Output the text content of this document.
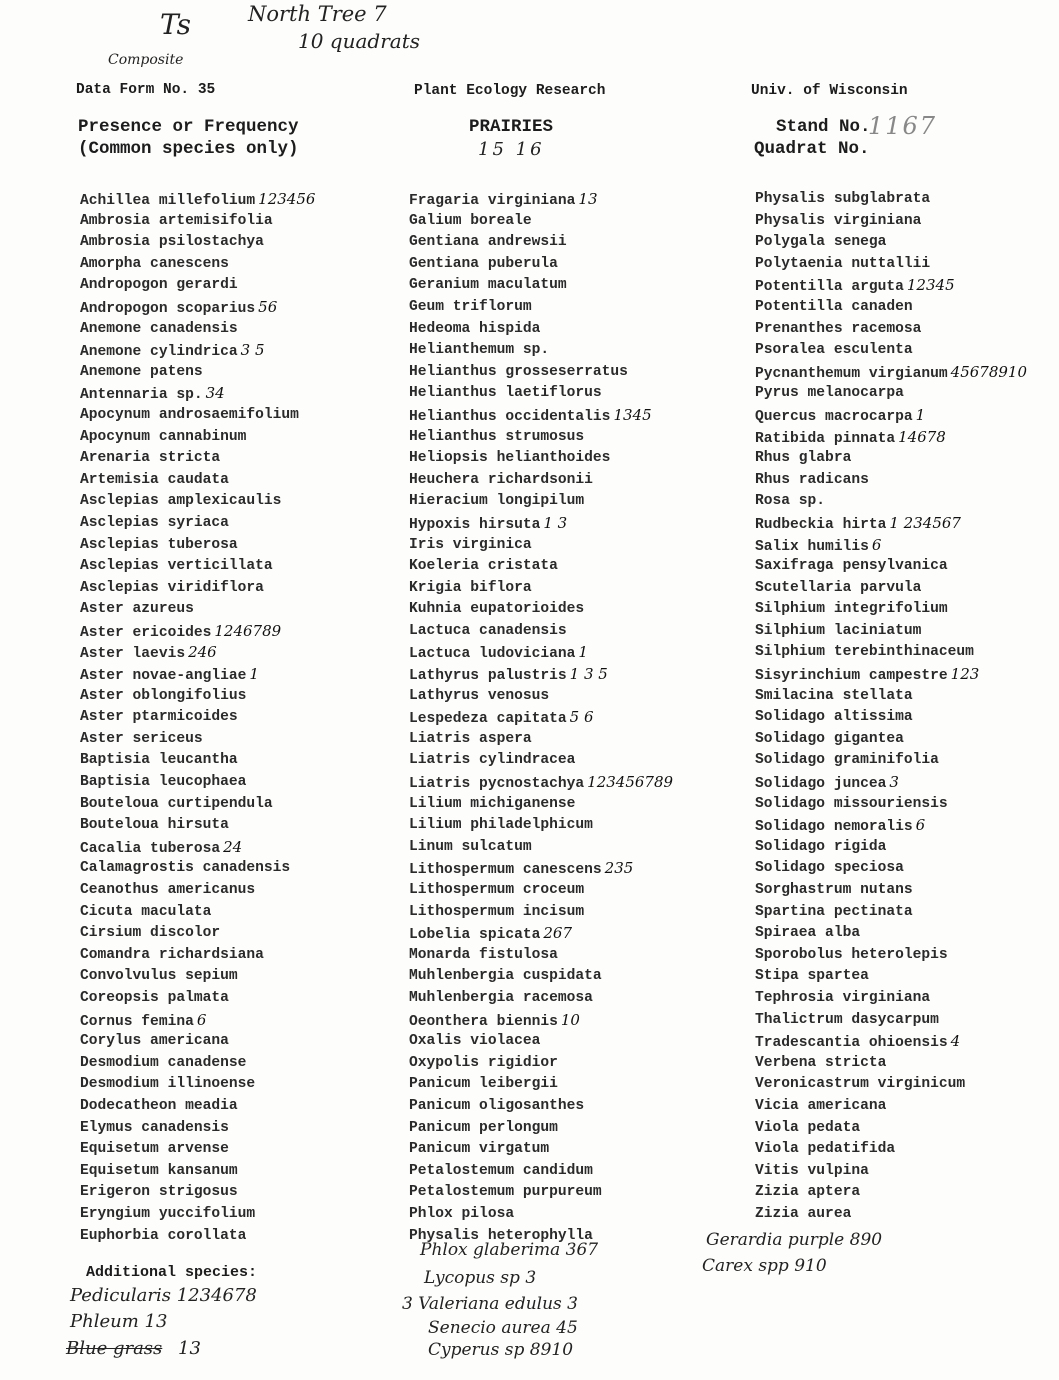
Ts	North Tree 7
10 quadrats
Composite
Data Form No. 35	Plant Ecology Research	Univ. of Wisconsin
Presence or Frequency
(Common species only)
PRAIRIES
15 16
Stand No.
1167
Quadrat No.
Achillea millefolium 123456
Ambrosia artemisifolia
Ambrosia psilostachya
Amorpha canescens
Andropogon gerardi
Andropogon scoparius 56
Anemone canadensis
Anemone cylindrica 3 5
Anemone patens
Antennaria sp. 34
Apocynum androsaemifolium
Apocynum cannabinum
Arenaria stricta
Artemisia caudata
Asclepias amplexicaulis
Asclepias syriaca
Asclepias tuberosa
Asclepias verticillata
Asclepias viridiflora
Aster azureus
Aster ericoides 1246789
Aster laevis 246
Aster novae-angliae 1
Aster oblongifolius
Aster ptarmicoides
Aster sericeus
Baptisia leucantha
Baptisia leucophaea
Bouteloua curtipendula
Bouteloua hirsuta
Cacalia tuberosa 24
Calamagrostis canadensis
Ceanothus americanus
Cicuta maculata
Cirsium discolor
Comandra richardsiana
Convolvulus sepium
Coreopsis palmata
Cornus femina 6
Corylus americana
Desmodium canadense
Desmodium illinoense
Dodecatheon meadia
Elymus canadensis
Equisetum arvense
Equisetum kansanum
Erigeron strigosus
Eryngium yuccifolium
Euphorbia corollata
Fragaria virginiana 13
Galium boreale
Gentiana andrewsii
Gentiana puberula
Geranium maculatum
Geum triflorum
Hedeoma hispida
Helianthemum sp.
Helianthus grosseserratus
Helianthus laetiflorus
Helianthus occidentalis 1345
Helianthus strumosus
Heliopsis helianthoides
Heuchera richardsonii
Hieracium longipilum
Hypoxis hirsuta 1 3
Iris virginica
Koeleria cristata
Krigia biflora
Kuhnia eupatorioides
Lactuca canadensis
Lactuca ludoviciana 1
Lathyrus palustris 1 3 5
Lathyrus venosus
Lespedeza capitata 5 6
Liatris aspera
Liatris cylindracea
Liatris pycnostachya 123456789
Lilium michiganense
Lilium philadelphicum
Linum sulcatum
Lithospermum canescens 235
Lithospermum croceum
Lithospermum incisum
Lobelia spicata 267
Monarda fistulosa
Muhlenbergia cuspidata
Muhlenbergia racemosa
Oeonthera biennis 10
Oxalis violacea
Oxypolis rigidior
Panicum leibergii
Panicum oligosanthes
Panicum perlongum
Panicum virgatum
Petalostemum candidum
Petalostemum purpureum
Phlox pilosa
Physalis heterophylla
Physalis subglabrata
Physalis virginiana
Polygala senega
Polytaenia nuttallii
Potentilla arguta 12345
Potentilla canaden
Prenanthes racemosa
Psoralea esculenta
Pycnanthemum virgianum 45678910
Pyrus melanocarpa
Quercus macrocarpa 1
Ratibida pinnata 14678
Rhus glabra
Rhus radicans
Rosa sp.
Rudbeckia hirta 1 234567
Salix humilis 6
Saxifraga pensylvanica
Scutellaria parvula
Silphium integrifolium
Silphium laciniatum
Silphium terebinthinaceum
Sisyrinchium campestre 123
Smilacina stellata
Solidago altissima
Solidago gigantea
Solidago graminifolia
Solidago juncea 3
Solidago missouriensis
Solidago nemoralis 6
Solidago rigida
Solidago speciosa
Sorghastrum nutans
Spartina pectinata
Spiraea alba
Sporobolus heterolepis
Stipa spartea
Tephrosia virginiana
Thalictrum dasycarpum
Tradescantia ohioensis 4
Verbena stricta
Veronicastrum virginicum
Vicia americana
Viola pedata
Viola pedatifida
Vitis vulpina
Zizia aptera
Zizia aurea
Additional species:
Pedicularis 1234678
Phleum 13
Blue grass 13
Phlox glaberima 367
Lycopus sp 3
3 Valeriana edulus 3
Senecio aurea 45
Cyperus sp 8910
Gerardia purple 890
Carex spp 910
